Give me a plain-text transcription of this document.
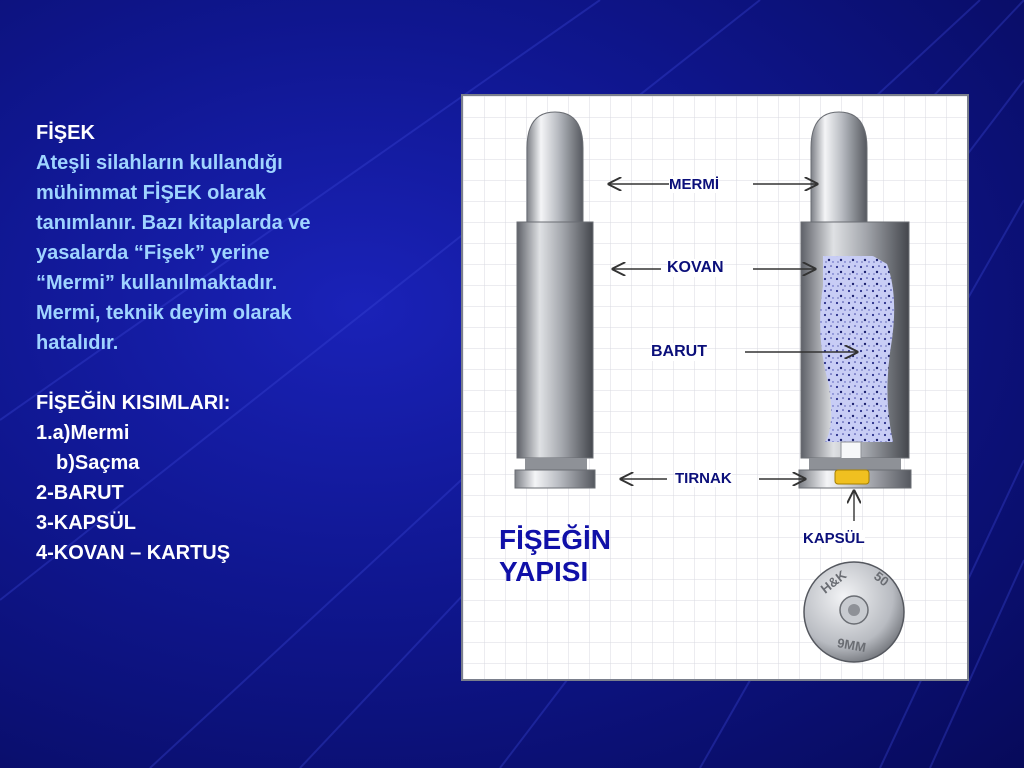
FİŞEK
Ateşli silahların kullandığı
mühimmat FİŞEK olarak
tanımlanır. Bazı kitaplarda ve
yasalarda “Fişek” yerine
“Mermi” kullanılmaktadır.
Mermi, teknik deyim olarak
hatalıdır.
FİŞEĞİN KISIMLARI:
1.a)Mermi
b)Saçma
2-BARUT
3-KAPSÜL
4-KOVAN – KARTUŞ
H&K 50
9MM
MERMİ
KOVAN
BARUT
TIRNAK
KAPSÜL
FİŞEĞİN
YAPISI
